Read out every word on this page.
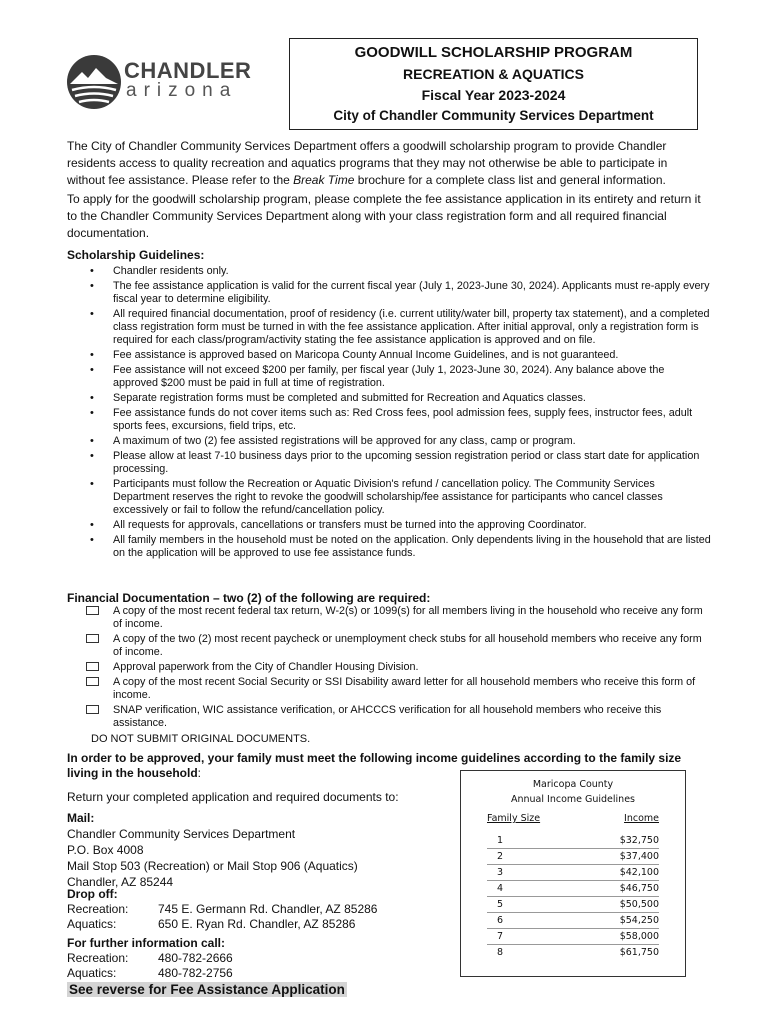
CHANDLER
arizona
GOODWILL SCHOLARSHIP PROGRAM
RECREATION & AQUATICS
Fiscal Year 2023-2024
City of Chandler Community Services Department

The City of Chandler Community Services Department offers a goodwill scholarship program to provide Chandler residents access to quality recreation and aquatics programs that they may not otherwise be able to participate in without fee assistance. Please refer to the Break Time brochure for a complete class list and general information.

To apply for the goodwill scholarship program, please complete the fee assistance application in its entirety and return it to the Chandler Community Services Department along with your class registration form and all required financial documentation.

Scholarship Guidelines:
• Chandler residents only.
• The fee assistance application is valid for the current fiscal year (July 1, 2023-June 30, 2024). Applicants must re-apply every fiscal year to determine eligibility.
• All required financial documentation, proof of residency (i.e. current utility/water bill, property tax statement), and a completed class registration form must be turned in with the fee assistance application. After initial approval, only a registration form is required for each class/program/activity stating the fee assistance application is approved and on file.
• Fee assistance is approved based on Maricopa County Annual Income Guidelines, and is not guaranteed.
• Fee assistance will not exceed $200 per family, per fiscal year (July 1, 2023-June 30, 2024). Any balance above the approved $200 must be paid in full at time of registration.
• Separate registration forms must be completed and submitted for Recreation and Aquatics classes.
• Fee assistance funds do not cover items such as: Red Cross fees, pool admission fees, supply fees, instructor fees, adult sports fees, excursions, field trips, etc.
• A maximum of two (2) fee assisted registrations will be approved for any class, camp or program.
• Please allow at least 7-10 business days prior to the upcoming session registration period or class start date for application processing.
• Participants must follow the Recreation or Aquatic Division's refund / cancellation policy. The Community Services Department reserves the right to revoke the goodwill scholarship/fee assistance for participants who cancel classes excessively or fail to follow the refund/cancellation policy.
• All requests for approvals, cancellations or transfers must be turned into the approving Coordinator.
• All family members in the household must be noted on the application. Only dependents living in the household that are listed on the application will be approved to use fee assistance funds.
Financial Documentation – two (2) of the following are required:
A copy of the most recent federal tax return, W-2(s) or 1099(s) for all members living in the household who receive any form of income.
A copy of the two (2) most recent paycheck or unemployment check stubs for all household members who receive any form of income.
Approval paperwork from the City of Chandler Housing Division.
A copy of the most recent Social Security or SSI Disability award letter for all household members who receive this form of income.
SNAP verification, WIC assistance verification, or AHCCCS verification for all household members who receive this assistance.
DO NOT SUBMIT ORIGINAL DOCUMENTS.
In order to be approved, your family must meet the following income guidelines according to the family size living in the household:
Maricopa County
Annual Income Guidelines
Family Size	Income
1	$32,750
2	$37,400
3	$42,100
4	$46,750
5	$50,500
6	$54,250
7	$58,000
8	$61,750
Return your completed application and required documents to:
Mail:
Chandler Community Services Department
P.O. Box 4008
Mail Stop 503 (Recreation) or Mail Stop 906 (Aquatics)
Chandler, AZ 85244
Drop off:
Recreation:	745 E. Germann Rd. Chandler, AZ 85286
Aquatics:	650 E. Ryan Rd. Chandler, AZ 85286
For further information call:
Recreation:	480-782-2666
Aquatics:	480-782-2756
See reverse for Fee Assistance Application
